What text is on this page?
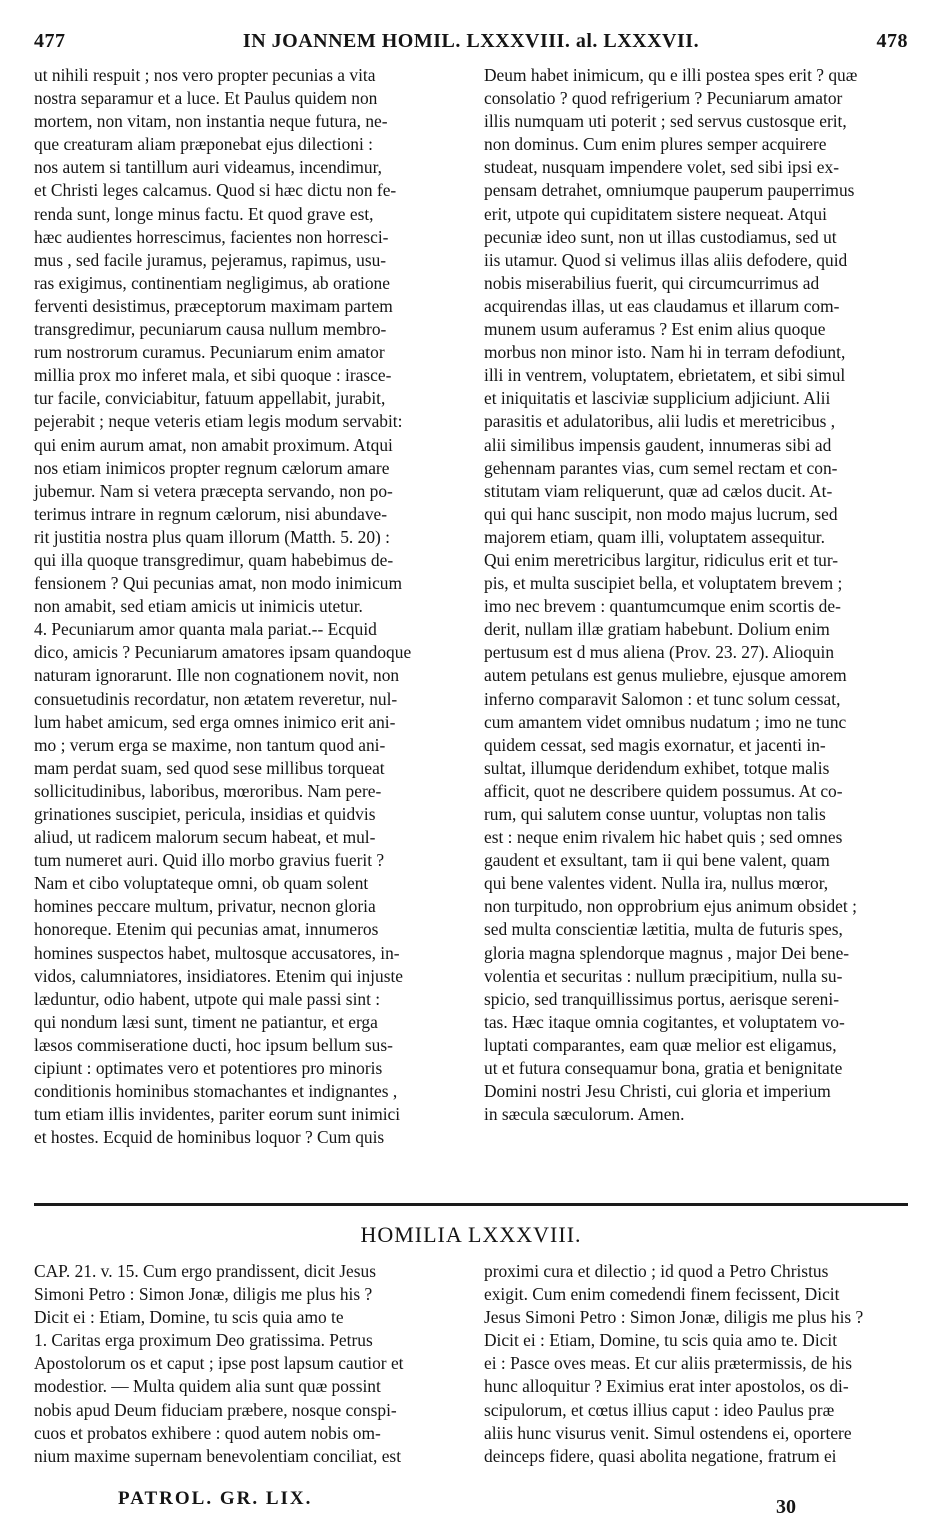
477	IN JOANNEM HOMIL. LXXXVIII. al. LXXXVII.	478
ut nihili respuit ; nos vero propter pecunias a vita
nostra separamur et a luce. Et Paulus quidem non
mortem, non vitam, non instantia neque futura, ne-
que creaturam aliam præponebat ejus dilectioni :
nos autem si tantillum auri videamus, incendimur,
et Christi leges calcamus. Quod si hæc dictu non fe-
renda sunt, longe minus factu. Et quod grave est,
hæc audientes horrescimus, facientes non horresci-
mus , sed facile juramus, pejeramus, rapimus, usu-
ras exigimus, continentiam negligimus, ab oratione
ferventi desistimus, præceptorum maximam partem
transgredimur, pecuniarum causa nullum membro-
rum nostrorum curamus. Pecuniarum enim amator
millia prox mo inferet mala, et sibi quoque : irasce-
tur facile, conviciabitur, fatuum appellabit, jurabit,
pejerabit ; neque veteris etiam legis modum servabit:
qui enim aurum amat, non amabit proximum. Atqui
nos etiam inimicos propter regnum cælorum amare
jubemur. Nam si vetera præcepta servando, non po-
terimus intrare in regnum cælorum, nisi abundave-
rit justitia nostra plus quam illorum (Matth. 5. 20) :
qui illa quoque transgredimur, quam habebimus de-
fensionem ? Qui pecunias amat, non modo inimicum
non amabit, sed etiam amicis ut inimicis utetur.
4. Pecuniarum amor quanta mala pariat.-- Ecquid
dico, amicis ? Pecuniarum amatores ipsam quandoque
naturam ignorarunt. Ille non cognationem novit, non
consuetudinis recordatur, non ætatem reveretur, nul-
lum habet amicum, sed erga omnes inimico erit ani-
mo ; verum erga se maxime, non tantum quod ani-
mam perdat suam, sed quod sese millibus torqueat
sollicitudinibus, laboribus, mœroribus. Nam pere-
grinationes suscipiet, pericula, insidias et quidvis
aliud, ut radicem malorum secum habeat, et mul-
tum numeret auri. Quid illo morbo gravius fuerit ?
Nam et cibo voluptateque omni, ob quam solent
homines peccare multum, privatur, necnon gloria
honoreque. Etenim qui pecunias amat, innumeros
homines suspectos habet, multosque accusatores, in-
vidos, calumniatores, insidiatores. Etenim qui injuste
læduntur, odio habent, utpote qui male passi sint :
qui nondum læsi sunt, timent ne patiantur, et erga
læsos commiseratione ducti, hoc ipsum bellum sus-
cipiunt : optimates vero et potentiores pro minoris
conditionis hominibus stomachantes et indignantes ,
tum etiam illis invidentes, pariter eorum sunt inimici
et hostes. Ecquid de hominibus loquor ? Cum quis
Deum habet inimicum, qu e illi postea spes erit ? quæ
consolatio ? quod refrigerium ? Pecuniarum amator
illis numquam uti poterit ; sed servus custosque erit,
non dominus. Cum enim plures semper acquirere
studeat, nusquam impendere volet, sed sibi ipsi ex-
pensam detrahet, omniumque pauperum pauperrimus
erit, utpote qui cupiditatem sistere nequeat. Atqui
pecuniæ ideo sunt, non ut illas custodiamus, sed ut
iis utamur. Quod si velimus illas aliis defodere, quid
nobis miserabilius fuerit, qui circumcurrimus ad
acquirendas illas, ut eas claudamus et illarum com-
munem usum auferamus ? Est enim alius quoque
morbus non minor isto. Nam hi in terram defodiunt,
illi in ventrem, voluptatem, ebrietatem, et sibi simul
et iniquitatis et lasciviæ supplicium adjiciunt. Alii
parasitis et adulatoribus, alii ludis et meretricibus ,
alii similibus impensis gaudent, innumeras sibi ad
gehennam parantes vias, cum semel rectam et con-
stitutam viam reliquerunt, quæ ad cælos ducit. At-
qui qui hanc suscipit, non modo majus lucrum, sed
majorem etiam, quam illi, voluptatem assequitur.
Qui enim meretricibus largitur, ridiculus erit et tur-
pis, et multa suscipiet bella, et voluptatem brevem ;
imo nec brevem : quantumcumque enim scortis de-
derit, nullam illæ gratiam habebunt. Dolium enim
pertusum est d mus aliena (Prov. 23. 27). Alioquin
autem petulans est genus muliebre, ejusque amorem
inferno comparavit Salomon : et tunc solum cessat,
cum amantem videt omnibus nudatum ; imo ne tunc
quidem cessat, sed magis exornatur, et jacenti in-
sultat, illumque deridendum exhibet, totque malis
afficit, quot ne describere quidem possumus. At co-
rum, qui salutem conse uuntur, voluptas non talis
est : neque enim rivalem hic habet quis ; sed omnes
gaudent et exsultant, tam ii qui bene valent, quam
qui bene valentes vident. Nulla ira, nullus mœror,
non turpitudo, non opprobrium ejus animum obsidet ;
sed multa conscientiæ lætitia, multa de futuris spes,
gloria magna splendorque magnus , major Dei bene-
volentia et securitas : nullum præcipitium, nulla su-
spicio, sed tranquillissimus portus, aerisque sereni-
tas. Hæc itaque omnia cogitantes, et voluptatem vo-
luptati comparantes, eam quæ melior est eligamus,
ut et futura consequamur bona, gratia et benignitate
Domini nostri Jesu Christi, cui gloria et imperium
in sæcula sæculorum. Amen.
HOMILIA LXXXVIII.
CAP. 21. v. 15. Cum ergo prandissent, dicit Jesus
Simoni Petro : Simon Jonæ, diligis me plus his ?
Dicit ei : Etiam, Domine, tu scis quia amo te
1. Caritas erga proximum Deo gratissima. Petrus
Apostolorum os et caput ; ipse post lapsum cautior et
modestior. — Multa quidem alia sunt quæ possint
nobis apud Deum fiduciam præbere, nosque conspi-
cuos et probatos exhibere : quod autem nobis om-
nium maxime supernam benevolentiam conciliat, est
proximi cura et dilectio ; id quod a Petro Christus
exigit. Cum enim comedendi finem fecissent, Dicit
Jesus Simoni Petro : Simon Jonæ, diligis me plus his ?
Dicit ei : Etiam, Domine, tu scis quia amo te. Dicit
ei : Pasce oves meas. Et cur aliis prætermissis, de his
hunc alloquitur ? Eximius erat inter apostolos, os di-
scipulorum, et cœtus illius caput : ideo Paulus præ
aliis hunc visurus venit. Simul ostendens ei, oportere
deinceps fidere, quasi abolita negatione, fratrum ei
PATROL. GR. LIX.	30
